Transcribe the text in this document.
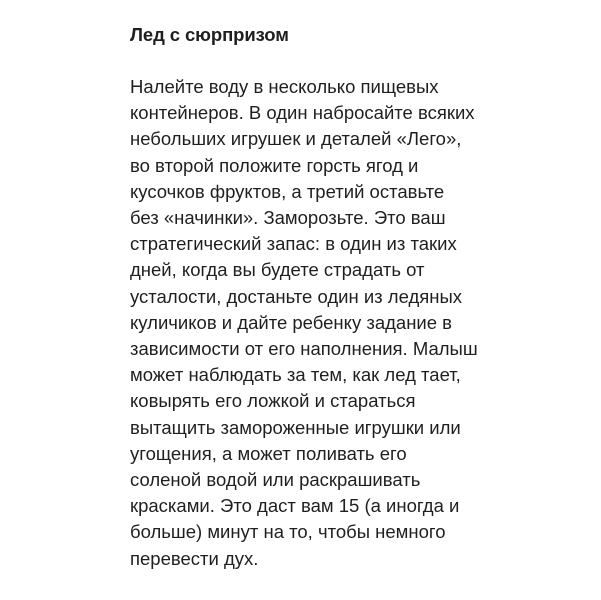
Лед с сюрпризом
Налейте воду в несколько пищевых
контейнеров. В один набросайте всяких
небольших игрушек и деталей «Лего»,
во второй положите горсть ягод и
кусочков фруктов, а третий оставьте
без «начинки». Заморозьте. Это ваш
стратегический запас: в один из таких
дней, когда вы будете страдать от
усталости, достаньте один из ледяных
куличиков и дайте ребенку задание в
зависимости от его наполнения. Малыш
может наблюдать за тем, как лед тает,
ковырять его ложкой и стараться
вытащить замороженные игрушки или
угощения, а может поливать его
соленой водой или раскрашивать
красками. Это даст вам 15 (а иногда и
больше) минут на то, чтобы немного
перевести дух.
